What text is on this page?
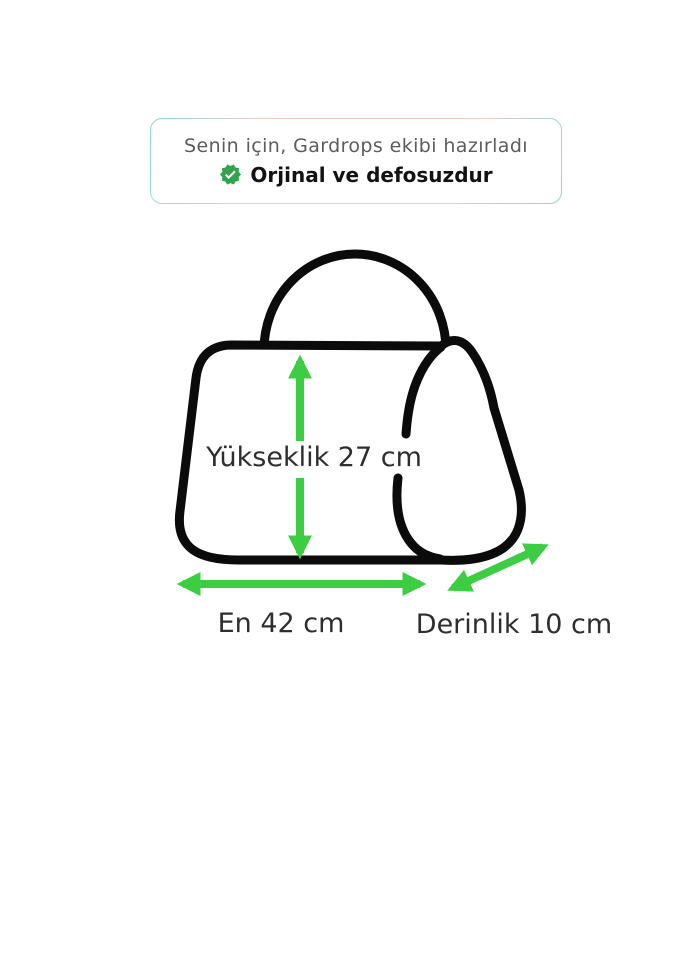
Senin için, Gardrops ekibi hazırladı
Orjinal ve defosuzdur
Yükseklik 27 cm
En 42 cm	Derinlik 10 cm
